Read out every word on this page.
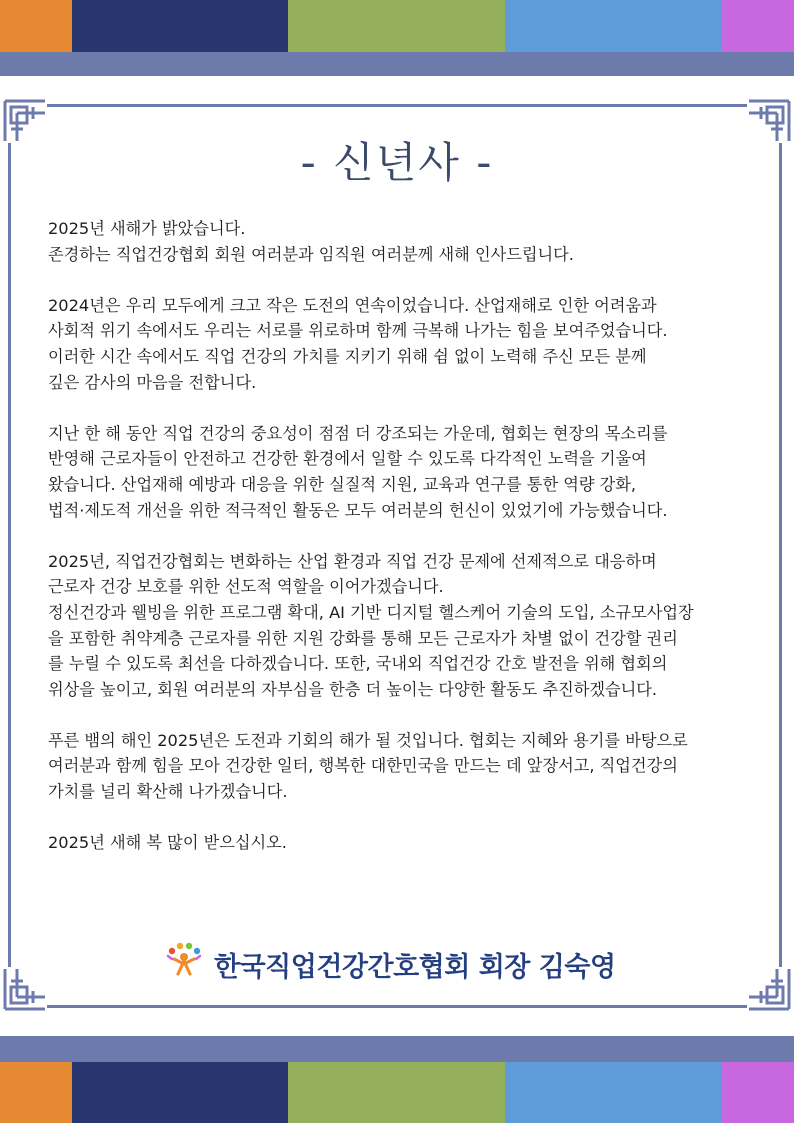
- 신년사 -

2025년 새해가 밝았습니다.
존경하는 직업건강협회 회원 여러분과 임직원 여러분께 새해 인사드립니다.

2024년은 우리 모두에게 크고 작은 도전의 연속이었습니다. 산업재해로 인한 어려움과
사회적 위기 속에서도 우리는 서로를 위로하며 함께 극복해 나가는 힘을 보여주었습니다.
이러한 시간 속에서도 직업 건강의 가치를 지키기 위해 쉼 없이 노력해 주신 모든 분께
깊은 감사의 마음을 전합니다.

지난 한 해 동안 직업 건강의 중요성이 점점 더 강조되는 가운데, 협회는 현장의 목소리를
반영해 근로자들이 안전하고 건강한 환경에서 일할 수 있도록 다각적인 노력을 기울여
왔습니다. 산업재해 예방과 대응을 위한 실질적 지원, 교육과 연구를 통한 역량 강화,
법적·제도적 개선을 위한 적극적인 활동은 모두 여러분의 헌신이 있었기에 가능했습니다.

2025년, 직업건강협회는 변화하는 산업 환경과 직업 건강 문제에 선제적으로 대응하며
근로자 건강 보호를 위한 선도적 역할을 이어가겠습니다.
정신건강과 웰빙을 위한 프로그램 확대, AI 기반 디지털 헬스케어 기술의 도입, 소규모사업장
을 포함한 취약계층 근로자를 위한 지원 강화를 통해 모든 근로자가 차별 없이 건강할 권리
를 누릴 수 있도록 최선을 다하겠습니다. 또한, 국내외 직업건강 간호 발전을 위해 협회의
위상을 높이고, 회원 여러분의 자부심을 한층 더 높이는 다양한 활동도 추진하겠습니다.

푸른 뱀의 해인 2025년은 도전과 기회의 해가 될 것입니다. 협회는 지혜와 용기를 바탕으로
여러분과 함께 힘을 모아 건강한 일터, 행복한 대한민국을 만드는 데 앞장서고, 직업건강의
가치를 널리 확산해 나가겠습니다.

2025년 새해 복 많이 받으십시오.

한국직업건강간호협회 회장 김숙영
